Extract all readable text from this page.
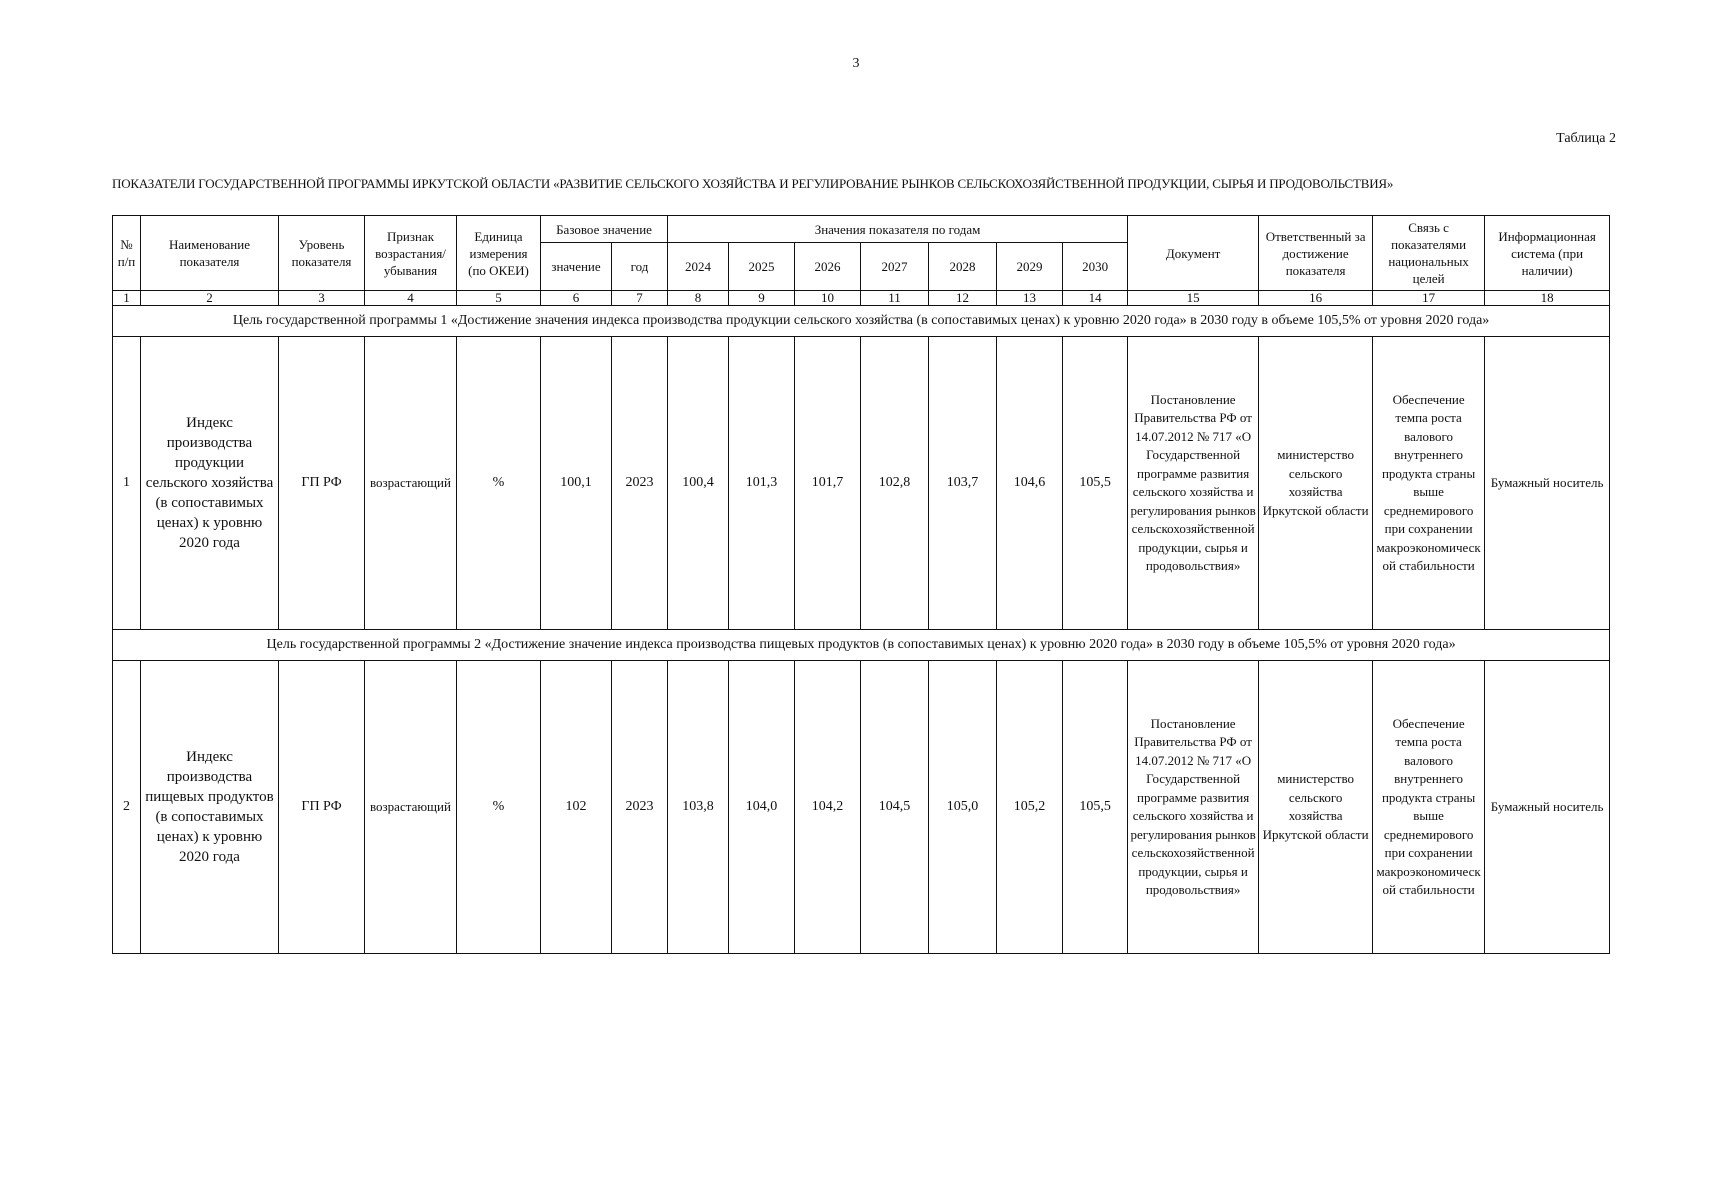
3
Таблица 2
ПОКАЗАТЕЛИ ГОСУДАРСТВЕННОЙ ПРОГРАММЫ ИРКУТСКОЙ ОБЛАСТИ «РАЗВИТИЕ СЕЛЬСКОГО ХОЗЯЙСТВА И РЕГУЛИРОВАНИЕ РЫНКОВ СЕЛЬСКОХОЗЯЙСТВЕННОЙ ПРОДУКЦИИ, СЫРЬЯ И ПРОДОВОЛЬСТВИЯ»
№ п/п	Наименование показателя	Уровень показателя	Признак возрастания/ убывания	Единица измерения (по ОКЕИ)	Базовое значение		Значения показателя по годам							Документ	Ответственный за достижение показателя	Связь с показателями национальных целей	Информационная система (при наличии)
					значение	год	2024	2025	2026	2027	2028	2029	2030				
1	2	3	4	5	6	7	8	9	10	11	12	13	14	15	16	17	18
Цель государственной программы 1 «Достижение значения индекса производства продукции сельского хозяйства (в сопоставимых ценах) к уровню 2020 года» в 2030 году в объеме 105,5% от уровня 2020 года»																	
1	Индекс производства продукции сельского хозяйства (в сопоставимых ценах) к уровню 2020 года	ГП РФ	возрастающий	%	100,1	2023	100,4	101,3	101,7	102,8	103,7	104,6	105,5	Постановление Правительства РФ от 14.07.2012 № 717 «О Государственной программе развития сельского хозяйства и регулирования рынков сельскохозяйственной продукции, сырья и продовольствия»	министерство сельского хозяйства Иркутской области	Обеспечение темпа роста валового внутреннего продукта страны выше среднемирового при сохранении макроэкономической стабильности	Бумажный носитель
Цель государственной программы 2 «Достижение значение индекса производства пищевых продуктов (в сопоставимых ценах) к уровню 2020 года» в 2030 году в объеме 105,5% от уровня 2020 года»																	
2	Индекс производства пищевых продуктов (в сопоставимых ценах) к уровню 2020 года	ГП РФ	возрастающий	%	102	2023	103,8	104,0	104,2	104,5	105,0	105,2	105,5	Постановление Правительства РФ от 14.07.2012 № 717 «О Государственной программе развития сельского хозяйства и регулирования рынков сельскохозяйственной продукции, сырья и продовольствия»	министерство сельского хозяйства Иркутской области	Обеспечение темпа роста валового внутреннего продукта страны выше среднемирового при сохранении макроэкономической стабильности	Бумажный носитель
